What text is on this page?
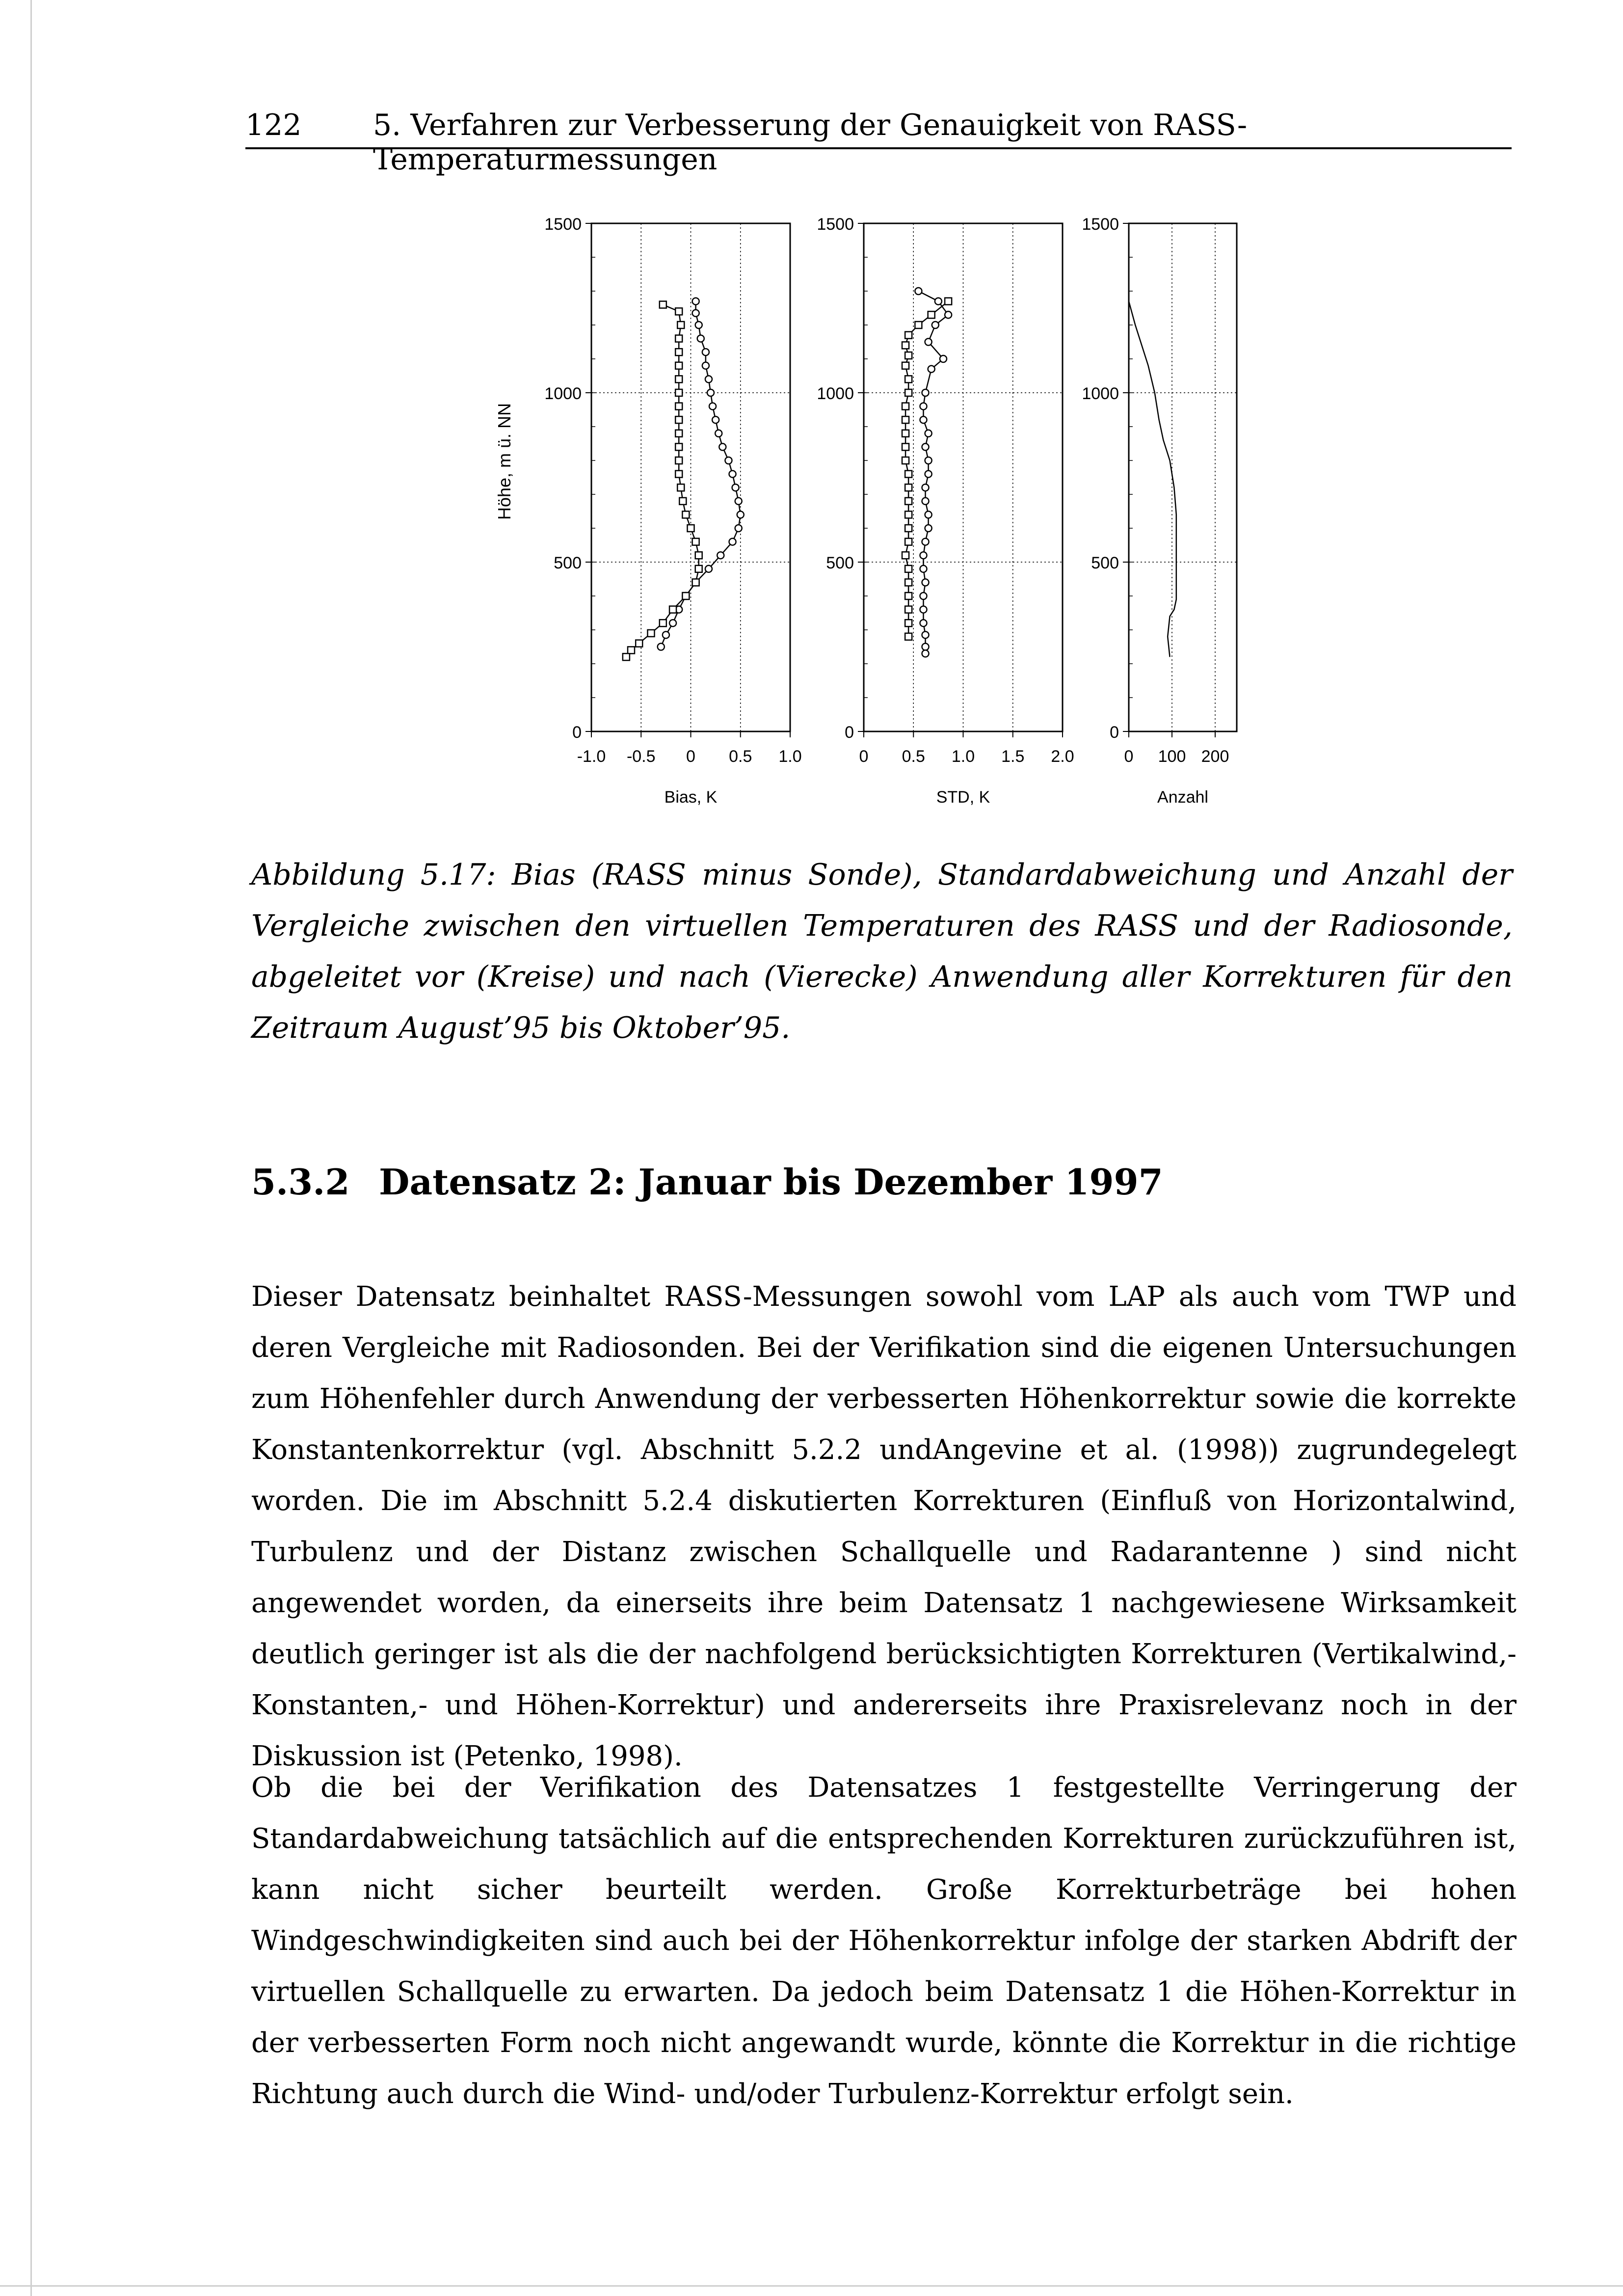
122 5. Verfahren zur Verbesserung der Genauigkeit von RASS-Temperaturmessungen
Höhe, m ü. NN
1500
1000
500
0
-1.0 -0.5 0 0.5 1.0
Bias, K
1500
1000
500
0
0 0.5 1.0 1.5 2.0
STD, K
1500
1000
500
0
0 100 200
Anzahl
Abbildung 5.17: Bias (RASS minus Sonde), Standardabweichung und Anzahl der Vergleiche zwischen den virtuellen Temperaturen des RASS und der Radiosonde, abgeleitet vor (Kreise) und nach (Vierecke) Anwendung aller Korrekturen für den Zeitraum August’95 bis Oktober’95.
5.3.2 Datensatz 2: Januar bis Dezember 1997
Dieser Datensatz beinhaltet RASS-Messungen sowohl vom LAP als auch vom TWP und deren Vergleiche mit Radiosonden. Bei der Verifikation sind die eigenen Untersuchungen zum Höhenfehler durch Anwendung der verbesserten Höhenkorrektur sowie die korrekte Konstantenkorrektur (vgl. Abschnitt 5.2.2 undAngevine et al. (1998)) zugrundegelegt worden. Die im Abschnitt 5.2.4 diskutierten Korrekturen (Einfluß von Horizontalwind, Turbulenz und der Distanz zwischen Schallquelle und Radarantenne ) sind nicht angewendet worden, da einerseits ihre beim Datensatz 1 nachgewiesene Wirksamkeit deutlich geringer ist als die der nachfolgend berücksichtigten Korrekturen (Vertikalwind,- Konstanten,- und Höhen-Korrektur) und andererseits ihre Praxisrelevanz noch in der Diskussion ist (Petenko, 1998).
Ob die bei der Verifikation des Datensatzes 1 festgestellte Verringerung der Standardabweichung tatsächlich auf die entsprechenden Korrekturen zurückzuführen ist, kann nicht sicher beurteilt werden. Große Korrekturbeträge bei hohen Windgeschwindigkeiten sind auch bei der Höhenkorrektur infolge der starken Abdrift der virtuellen Schallquelle zu erwarten. Da jedoch beim Datensatz 1 die Höhen-Korrektur in der verbesserten Form noch nicht angewandt wurde, könnte die Korrektur in die richtige Richtung auch durch die Wind- und/oder Turbulenz-Korrektur erfolgt sein.
